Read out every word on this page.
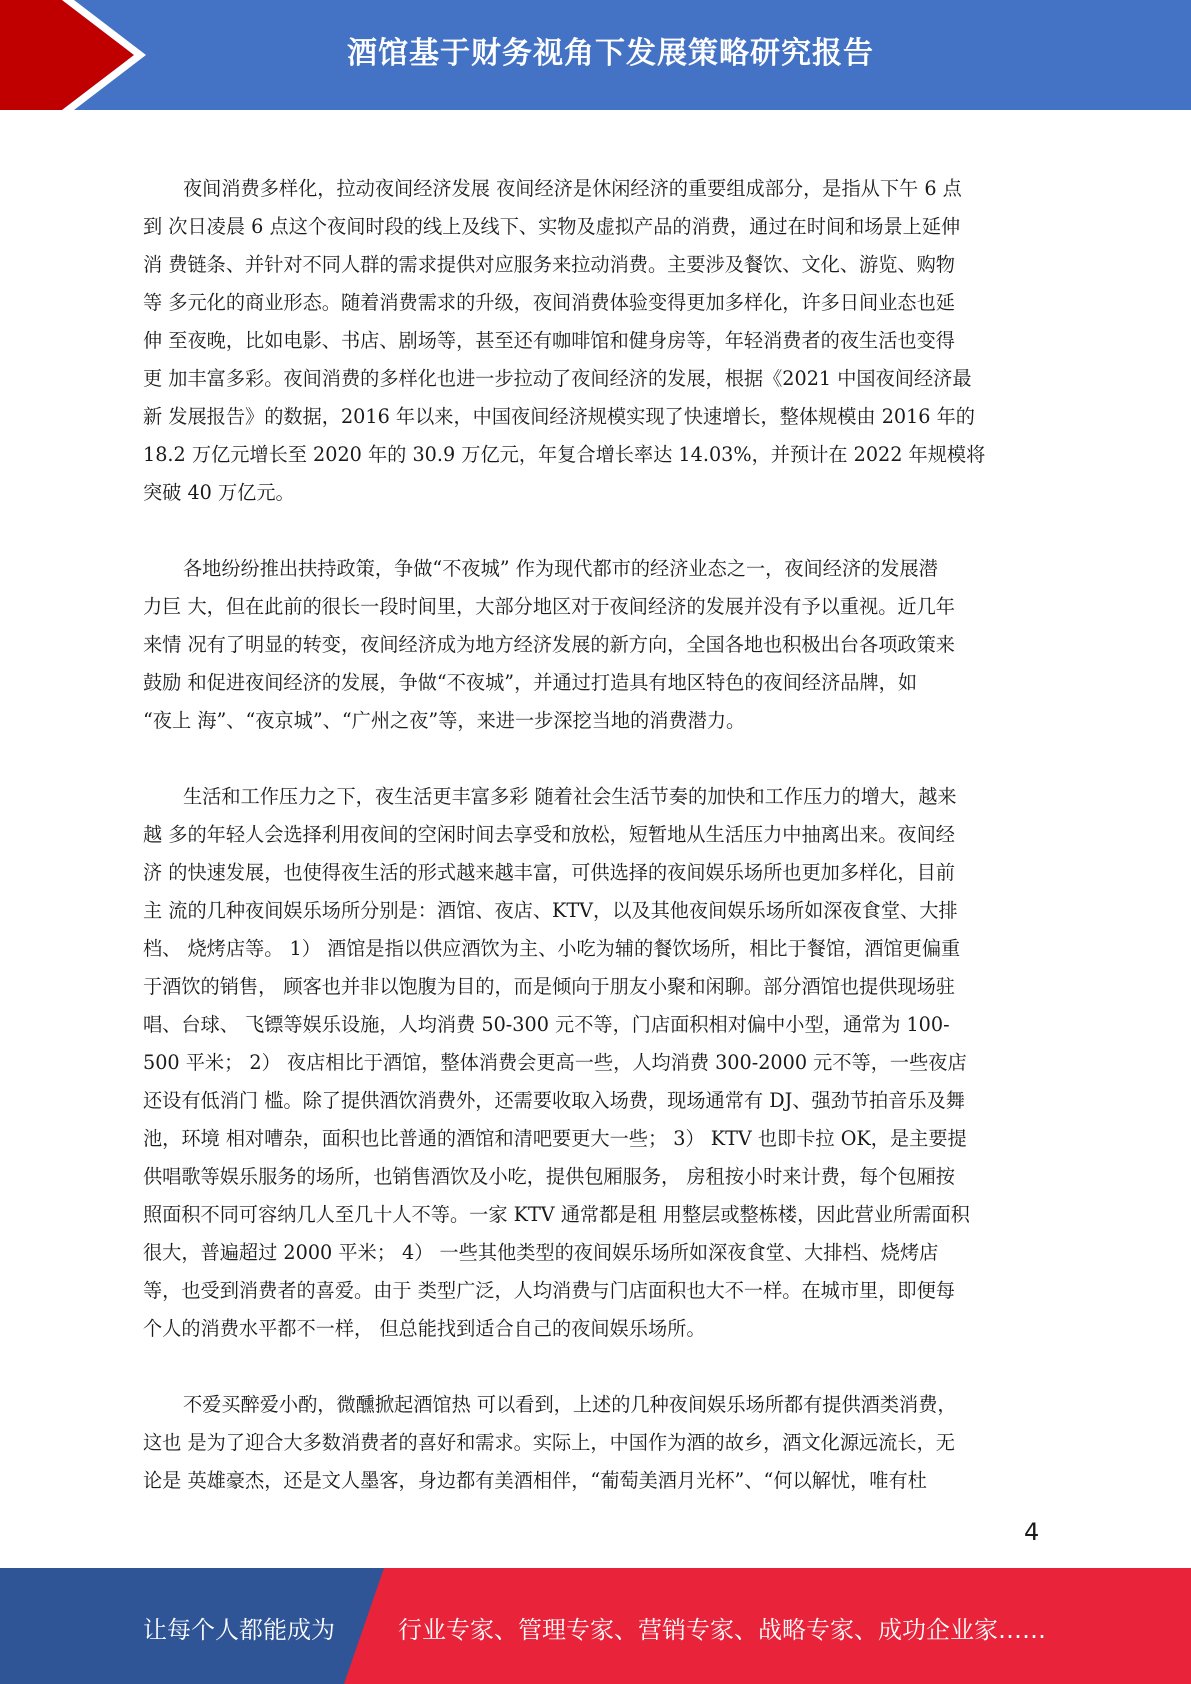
酒馆基于财务视角下发展策略研究报告
夜间消费多样化，拉动夜间经济发展 夜间经济是休闲经济的重要组成部分，是指从下午 6 点
到 次日凌晨 6 点这个夜间时段的线上及线下、实物及虚拟产品的消费，通过在时间和场景上延伸
消 费链条、并针对不同人群的需求提供对应服务来拉动消费。主要涉及餐饮、文化、游览、购物
等 多元化的商业形态。随着消费需求的升级，夜间消费体验变得更加多样化，许多日间业态也延
伸 至夜晚，比如电影、书店、剧场等，甚至还有咖啡馆和健身房等，年轻消费者的夜生活也变得
更 加丰富多彩。夜间消费的多样化也进一步拉动了夜间经济的发展，根据《2021 中国夜间经济最
新 发展报告》的数据，2016 年以来，中国夜间经济规模实现了快速增长，整体规模由 2016 年的
18.2 万亿元增长至 2020 年的 30.9 万亿元，年复合增长率达 14.03%，并预计在 2022 年规模将
突破 40 万亿元。
各地纷纷推出扶持政策，争做“不夜城” 作为现代都市的经济业态之一，夜间经济的发展潜
力巨 大，但在此前的很长一段时间里，大部分地区对于夜间经济的发展并没有予以重视。近几年
来情 况有了明显的转变，夜间经济成为地方经济发展的新方向，全国各地也积极出台各项政策来
鼓励 和促进夜间经济的发展，争做“不夜城”，并通过打造具有地区特色的夜间经济品牌，如
“夜上 海”、“夜京城”、“广州之夜”等，来进一步深挖当地的消费潜力。
生活和工作压力之下，夜生活更丰富多彩 随着社会生活节奏的加快和工作压力的增大，越来
越 多的年轻人会选择利用夜间的空闲时间去享受和放松，短暂地从生活压力中抽离出来。夜间经
济 的快速发展，也使得夜生活的形式越来越丰富，可供选择的夜间娱乐场所也更加多样化，目前
主 流的几种夜间娱乐场所分别是：酒馆、夜店、KTV，以及其他夜间娱乐场所如深夜食堂、大排
档、 烧烤店等。 1） 酒馆是指以供应酒饮为主、小吃为辅的餐饮场所，相比于餐馆，酒馆更偏重
于酒饮的销售， 顾客也并非以饱腹为目的，而是倾向于朋友小聚和闲聊。部分酒馆也提供现场驻
唱、台球、 飞镖等娱乐设施，人均消费 50-300 元不等，门店面积相对偏中小型，通常为 100-
500 平米； 2） 夜店相比于酒馆，整体消费会更高一些，人均消费 300-2000 元不等，一些夜店
还设有低消门 槛。除了提供酒饮消费外，还需要收取入场费，现场通常有 DJ、强劲节拍音乐及舞
池，环境 相对嘈杂，面积也比普通的酒馆和清吧要更大一些； 3） KTV 也即卡拉 OK，是主要提
供唱歌等娱乐服务的场所，也销售酒饮及小吃，提供包厢服务， 房租按小时来计费，每个包厢按
照面积不同可容纳几人至几十人不等。一家 KTV 通常都是租 用整层或整栋楼，因此营业所需面积
很大，普遍超过 2000 平米； 4） 一些其他类型的夜间娱乐场所如深夜食堂、大排档、烧烤店
等，也受到消费者的喜爱。由于 类型广泛，人均消费与门店面积也大不一样。在城市里，即便每
个人的消费水平都不一样， 但总能找到适合自己的夜间娱乐场所。
不爱买醉爱小酌，微醺掀起酒馆热 可以看到，上述的几种夜间娱乐场所都有提供酒类消费，
这也 是为了迎合大多数消费者的喜好和需求。实际上，中国作为酒的故乡，酒文化源远流长，无
论是 英雄豪杰，还是文人墨客，身边都有美酒相伴，“葡萄美酒月光杯”、“何以解忧，唯有杜
4
让每个人都能成为	行业专家、管理专家、营销专家、战略专家、成功企业家……
